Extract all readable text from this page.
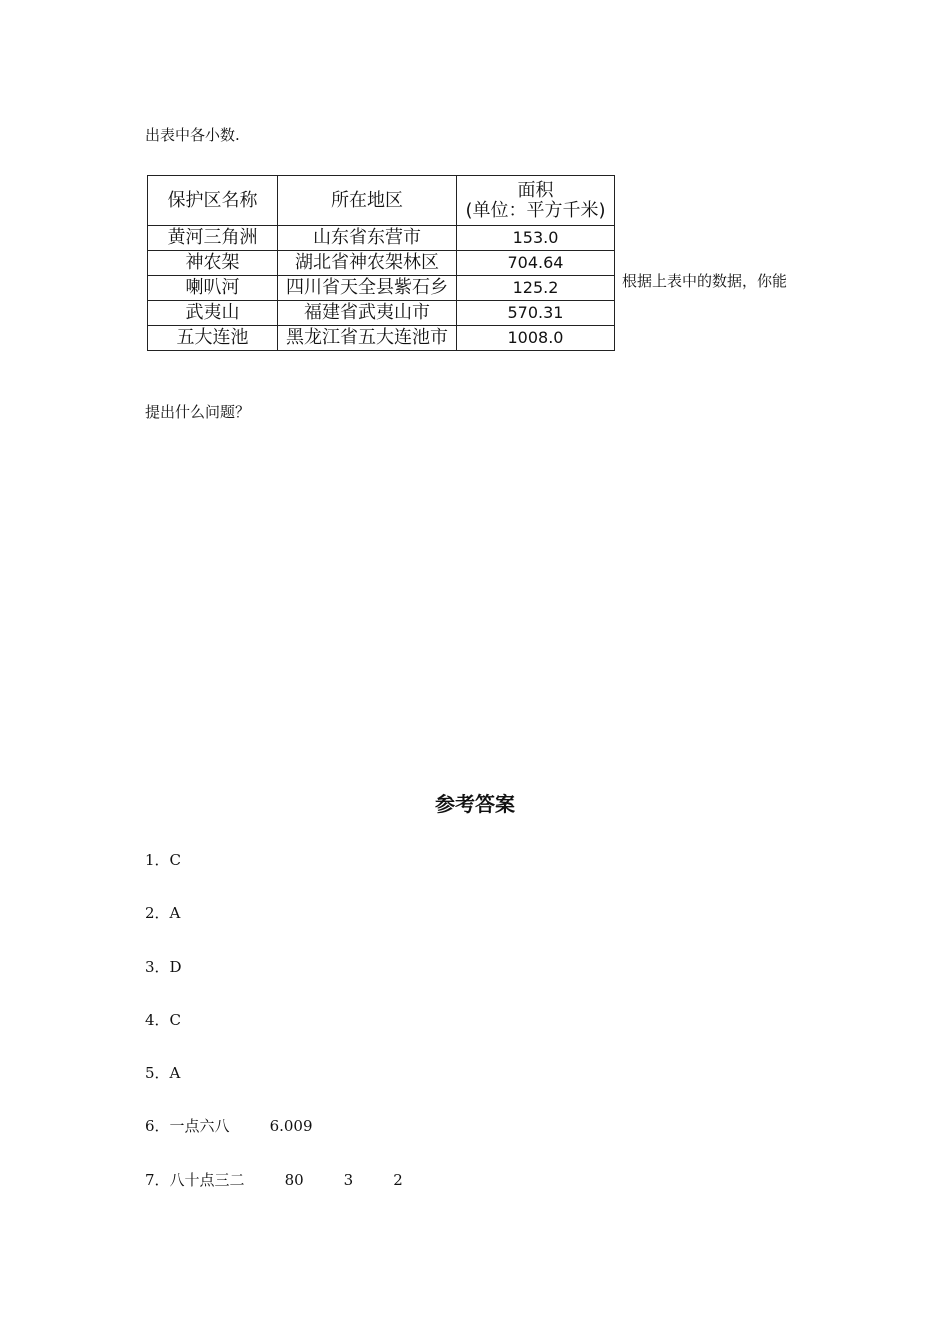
出表中各小数.
保护区名称	所在地区	面积
(单位：平方千米)

黄河三角洲	山东省东营市	153.0
神农架	湖北省神农架林区	704.64
喇叭河	四川省天全县紫石乡	125.2
武夷山	福建省武夷山市	570.31
五大连池	黑龙江省五大连池市	1008.0
根据上表中的数据，你能
提出什么问题？
参考答案
1．C
2．A
3．D
4．C
5．A
6．一点六八	6.009
7．八十点三二	80	3	2
